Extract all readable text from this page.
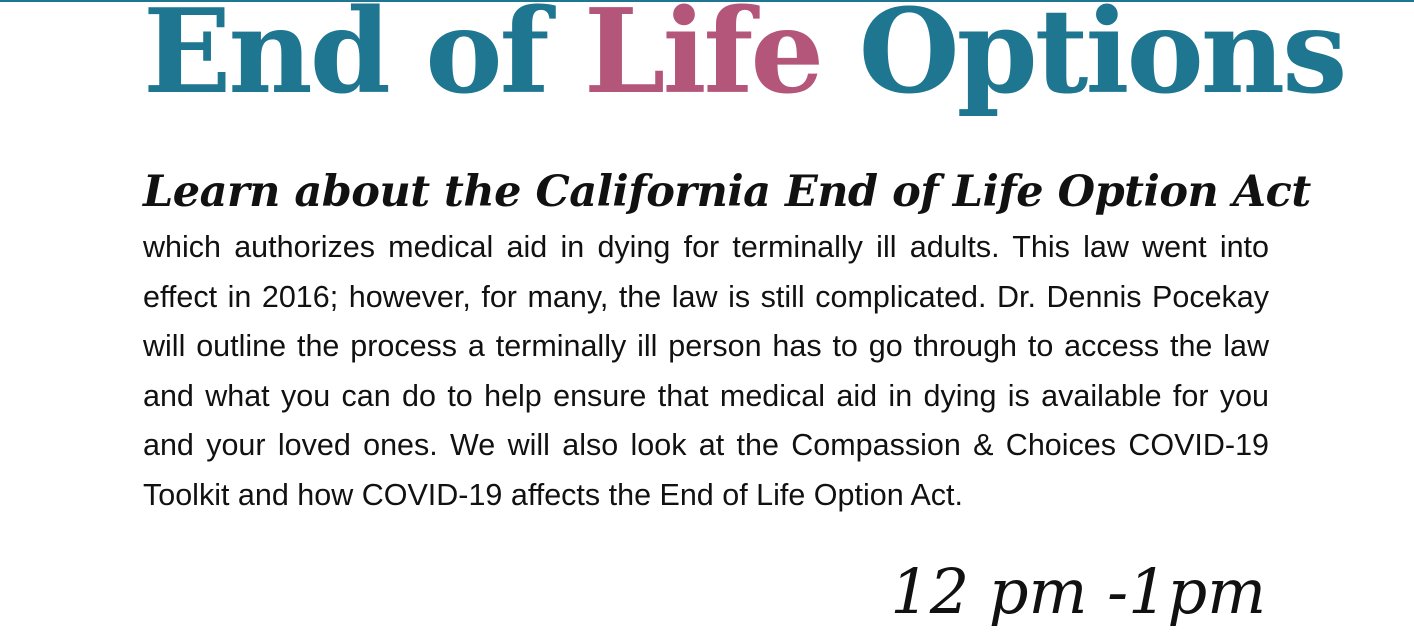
End of Life Options
Learn about the California End of Life Option Act

which authorizes medical aid in dying for terminally ill adults. This law went into effect in 2016; however, for many, the law is still complicated. Dr. Dennis Pocekay will outline the process a terminally ill person has to go through to access the law and what you can do to help ensure that medical aid in dying is available for you and your loved ones. We will also look at the Compassion & Choices COVID-19 Toolkit and how COVID-19 affects the End of Life Option Act.

12 pm -1pm
